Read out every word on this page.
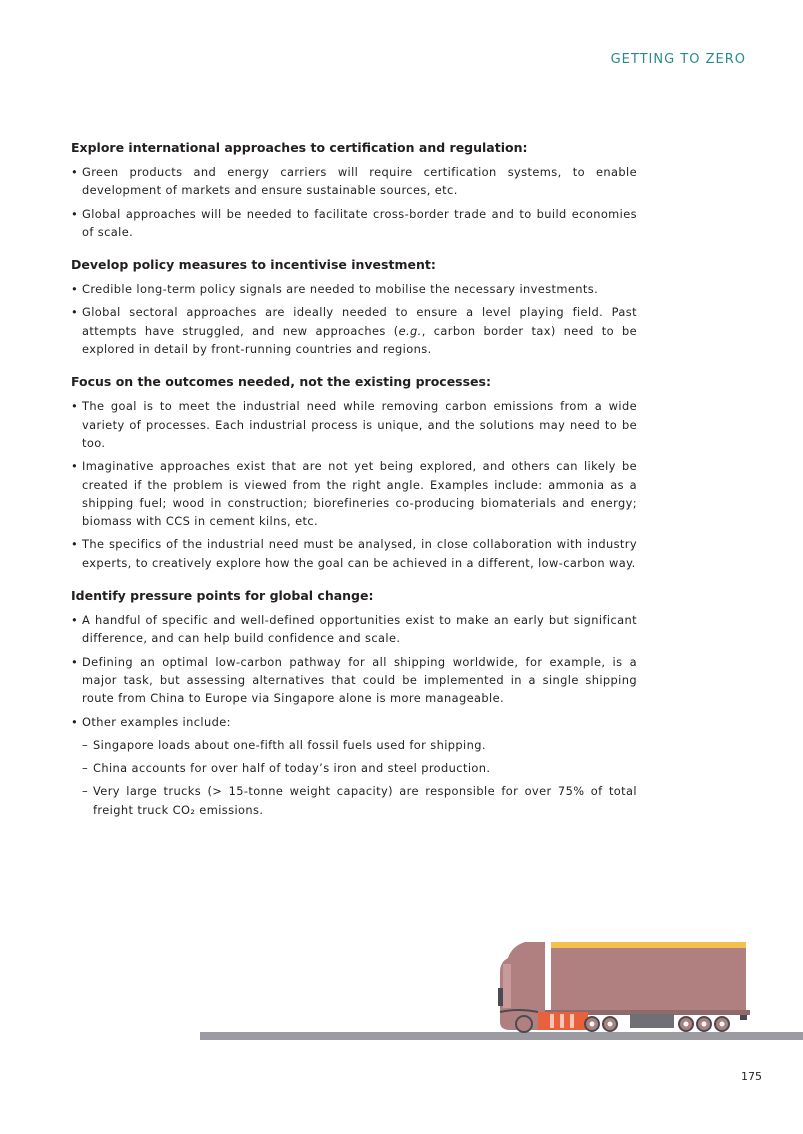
GETTING TO ZERO
Explore international approaches to certification and regulation:
• Green products and energy carriers will require certification systems, to enable development of markets and ensure sustainable sources, etc.
• Global approaches will be needed to facilitate cross-border trade and to build economies of scale.
Develop policy measures to incentivise investment:
• Credible long-term policy signals are needed to mobilise the necessary investments.
• Global sectoral approaches are ideally needed to ensure a level playing field. Past attempts have struggled, and new approaches (e.g., carbon border tax) need to be explored in detail by front-running countries and regions.
Focus on the outcomes needed, not the existing processes:
• The goal is to meet the industrial need while removing carbon emissions from a wide variety of processes. Each industrial process is unique, and the solutions may need to be too.
• Imaginative approaches exist that are not yet being explored, and others can likely be created if the problem is viewed from the right angle. Examples include: ammonia as a shipping fuel; wood in construction; biorefineries co-producing biomaterials and energy; biomass with CCS in cement kilns, etc.
• The specifics of the industrial need must be analysed, in close collaboration with industry experts, to creatively explore how the goal can be achieved in a different, low-carbon way.
Identify pressure points for global change:
• A handful of specific and well-defined opportunities exist to make an early but significant difference, and can help build confidence and scale.
• Defining an optimal low-carbon pathway for all shipping worldwide, for example, is a major task, but assessing alternatives that could be implemented in a single shipping route from China to Europe via Singapore alone is more manageable.
• Other examples include:
– Singapore loads about one-fifth all fossil fuels used for shipping.
– China accounts for over half of today’s iron and steel production.
– Very large trucks (> 15-tonne weight capacity) are responsible for over 75% of total freight truck CO₂ emissions.
175
